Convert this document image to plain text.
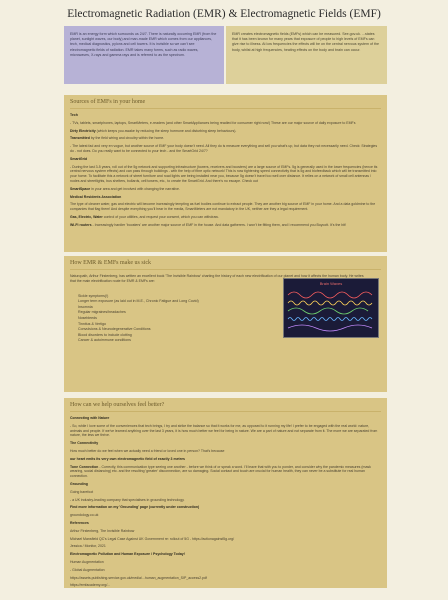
Electromagnetic Radiation (EMR) & Electromagnetic Fields (EMF)
EMR is an energy form which surrounds us 24/7. There is naturally occurring EMR (from the planet, sunlight waves, our body) and man-made EMR which comes from our appliances, tech, medical diagnostics, pylons and cell towers. It is invisible so we can't see electromagnetic fields of radiation. EMR takes many forms, such as radio waves, microwaves, X-rays and gamma rays and is referred to as the spectrum.
EMR creates electromagnetic fields (EMFs) which can be measured. See.gov.uk. ...states that it has been known for many years that exposure of people to high levels of EMFs can give rise to illness. At low frequencies the effects will be on the central nervous system of the body, whilst at high frequencies, heating effects on the body and brain can occur.
Sources of EMFs in your home

Tech

- TVs, tablets, smartphones, laptops, SmartMeters, e-readers (and other SmartAppliances being readied for consumer right now!) These are our major source of daily exposure to EMFs

Dirty Electricity (which keeps you awake by reducing the sleep hormone and disturbing sleep behaviours).

Transmitted by the field wiring and circuitry within the home.

- The latest fad and very en vogue, but another source of EMF your body doesn't need. All they do is measure everything and sell you what's up, but data they not necessarily need. Check: Strategies do - not does. Do you really want to be connected to your tech - and the SmartGrid 24/7?

SmartGrid

- During the last 3-5 years, roll out of the 5g network and supporting infrastructure (towers, receivers and boosters) are a large source of EMFs. 5g is generally used in the lower frequencies (hence its central nervous system effects) and can pass through buildings - with the help of fibre optic network! This is now tightening speed connectivity that is 5g and biofeedback which will be transmitted into your home. To facilitate this a network of street furniture and road lights are being installed near you, because 5g doesn't travel too well over distance. It relies on a network of small cell antennas / nodes and streetlights, bus shelters, bollards, cell towers, etc., to create the SmartGrid. And there's no escape. Check out

SmartSpace in your area and get involved with changing the narrative.

Medical Residents Association

The type of cleaner water, gas and electric will become increasingly tempting as fuel bodies continue to extract people. They are another big source of EMF in your home. And a data goldmine to the companies that flag them! And despite everything you'll hear in the media, SmartMeters are not mandatory in the UK, neither are they a legal requirement.

Gas, Electric, Water control of your utilities, and request your consent, which you can withdraw.

Wi-Fi routers - Increasingly hardier 'boosters' are another major source of EMF in the house. And data gatherers. I won't be fitting them, and I recommend you Boycott. It's the bit!

How EMR & EMFs make us sick

Naturopath, Arthur Firstenberg, has written an excellent book 'The Invisible Rainbow' charting the history of each new electrification of our planet and how it affects the human body. He writes that the main electrification route for EMR & EMFs are:

Sickle symptoms(!)
Longer term exposure (as laid out in M.E., Chronic Fatigue and Long Covid)
Insomnia
Regular migraines/headaches
Nosebleeds
Tinnitus & Vertigo
Convulsions & Neurodegenerative Conditions
Blood disorders to include clotting
Cancer & autoimmune conditions
Brain Waves
How can we help ourselves feel better?

Connecting with Nature

- So, while I love some of the conveniences that tech brings, I try and strike the balance so that it works for me, as opposed to it running my life! I prefer to be engaged with the real world: nature, animals and people. If we've learned anything over the last 3 years, it is how much better we feel for being in nature. We are a part of nature and not separate from it. The more we are separated from nature, the less we thrive.

The Connectivity

How much better do we feel when we actually need a friend or loved one in person? That's because

our heart emits its very own electromagnetic field of exactly 3 metres

Tone Connection - Correctly, this communication type seeing one another - before we think of or speak a word. I'll leave that with you to ponder, and consider why the pandemic measures (mask wearing, social distancing) etc. and the resulting 'greater' disconnection, are so damaging. Social contact and touch are crucial for human health, they can never be a substitute for real human connection.

Grounding

Going barefoot

- a UK industry-leading company that specialises in grounding technology.

Find more information on my 'Grounding' page (currently under construction)

groundology.co.uk

References

Arthur Firstenberg, The Invisible Rainbow

Michael Mansfield QC's Legal Case Against UK Government re: rollout of 5G - https://actionagainst5g.org/

Jessica / Monitor, 2021

Electromagnetic Pollution and Human Exposure / Psychology Today!

Human Augmentation

- Global Augmentation

https://assets.publishing.service.gov.uk/media/...human_augmentation_SIP_access2.pdf

https://emfacademy.org/...
